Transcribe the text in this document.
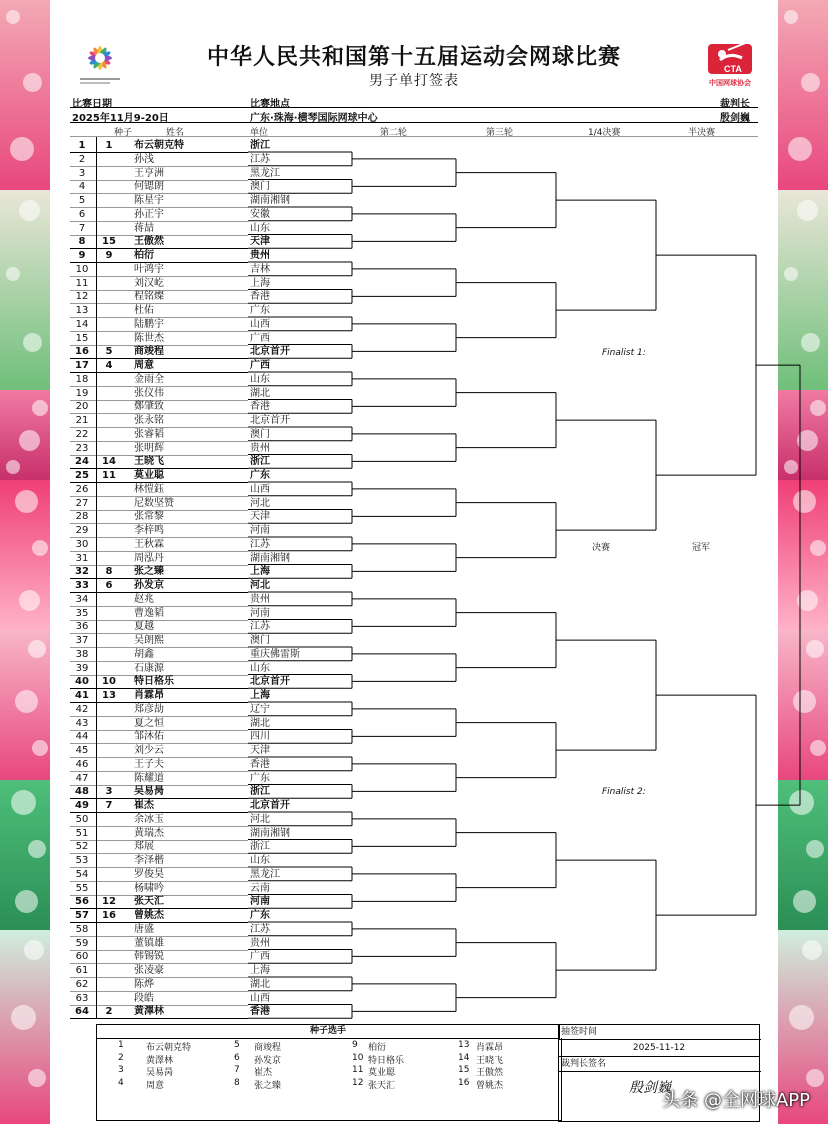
CTA
中国网球协会
中华人民共和国第十五届运动会网球比赛
男子单打签表
比赛日期	比赛地点	裁判长
2025年11月9-20日	广东·珠海·横琴国际网球中心	殷剑巍
种子	姓名	单位	第二轮	第三轮	1/4决赛	半决赛
1	1	布云朝克特	浙江
2	孙浅	江苏
3	王亨洲	黑龙江
4	何锶朗	澳门
5	陈星宇	湖南湘钢
6	孙正宇	安徽
7	蒋喆	山东
8	15 王傲然	天津
9	9	柏衍	贵州
10	叶鸿宇	吉林
11	刘汉屹	上海
12	程铭燦	香港
13	杜佑	广东
14	陆鹏宇	山西
15	陈世杰	广西
16	5	商竣程	北京首开
17	4	周意	广西
18	金雨全	山东
19	张仪伟	湖北
20	鄭肇致	香港
21	张永铭	北京首开
22	张睿韬	澳门
23	张明辉	贵州
24	14 王晓飞	浙江
25	11 莫业聪	广东
26	林愷鈺	山西
27	尼数坚赞	河北
28	张常黎	天津
29	李梓鸣	河南
30	王秋霖	江苏
31	周泓丹	湖南湘钢
32	8	张之臻	上海
33	6	孙发京	河北
34	赵兆	贵州
35	曹逸韬	河南
36	夏越	江苏
37	吴朗熙	澳门
38	胡鑫	重庆佛雷斯
39	石康源	山东
40	10 特日格乐	北京首开
41	13 肖霖昂	上海
42	郑彦劼	辽宁
43	夏之恒	湖北
44	邹沐佑	四川
45	刘少云	天津
46	王子夫	香港
47	陈耀道	广东
48	3	吴易昺	浙江
49	7	崔杰	北京首开
50	余冰玉	河北
51	黄瑞杰	湖南湘钢
52	郑展	浙江
53	李泽楷	山东
54	罗俊昊	黑龙江
55	杨啸吟	云南
56	12 张天汇	河南
57	16 曾姚杰	广东
58	唐盛	江苏
59	董镇雄	贵州
60	韩锡锐	广西
61	张凌豪	上海
62	陈烨	湖北
63	段皓	山西
64	2	黄澤林	香港
Finalist 1:
Finalist 2:
决赛	冠军
种子选手
1 布云朝克特	5 商竣程	9 柏衍	13 肖霖昂
2 黄澤林	6 孙发京	10 特日格乐	14 王晓飞
3 吴易昺	7 崔杰	11 莫业聪	15 王傲然
4 周意	8 张之臻	12 张天汇	16 曾姚杰
抽签时间
2025-11-12
裁判长签名
殷剑巍
头条 @全网球APP
